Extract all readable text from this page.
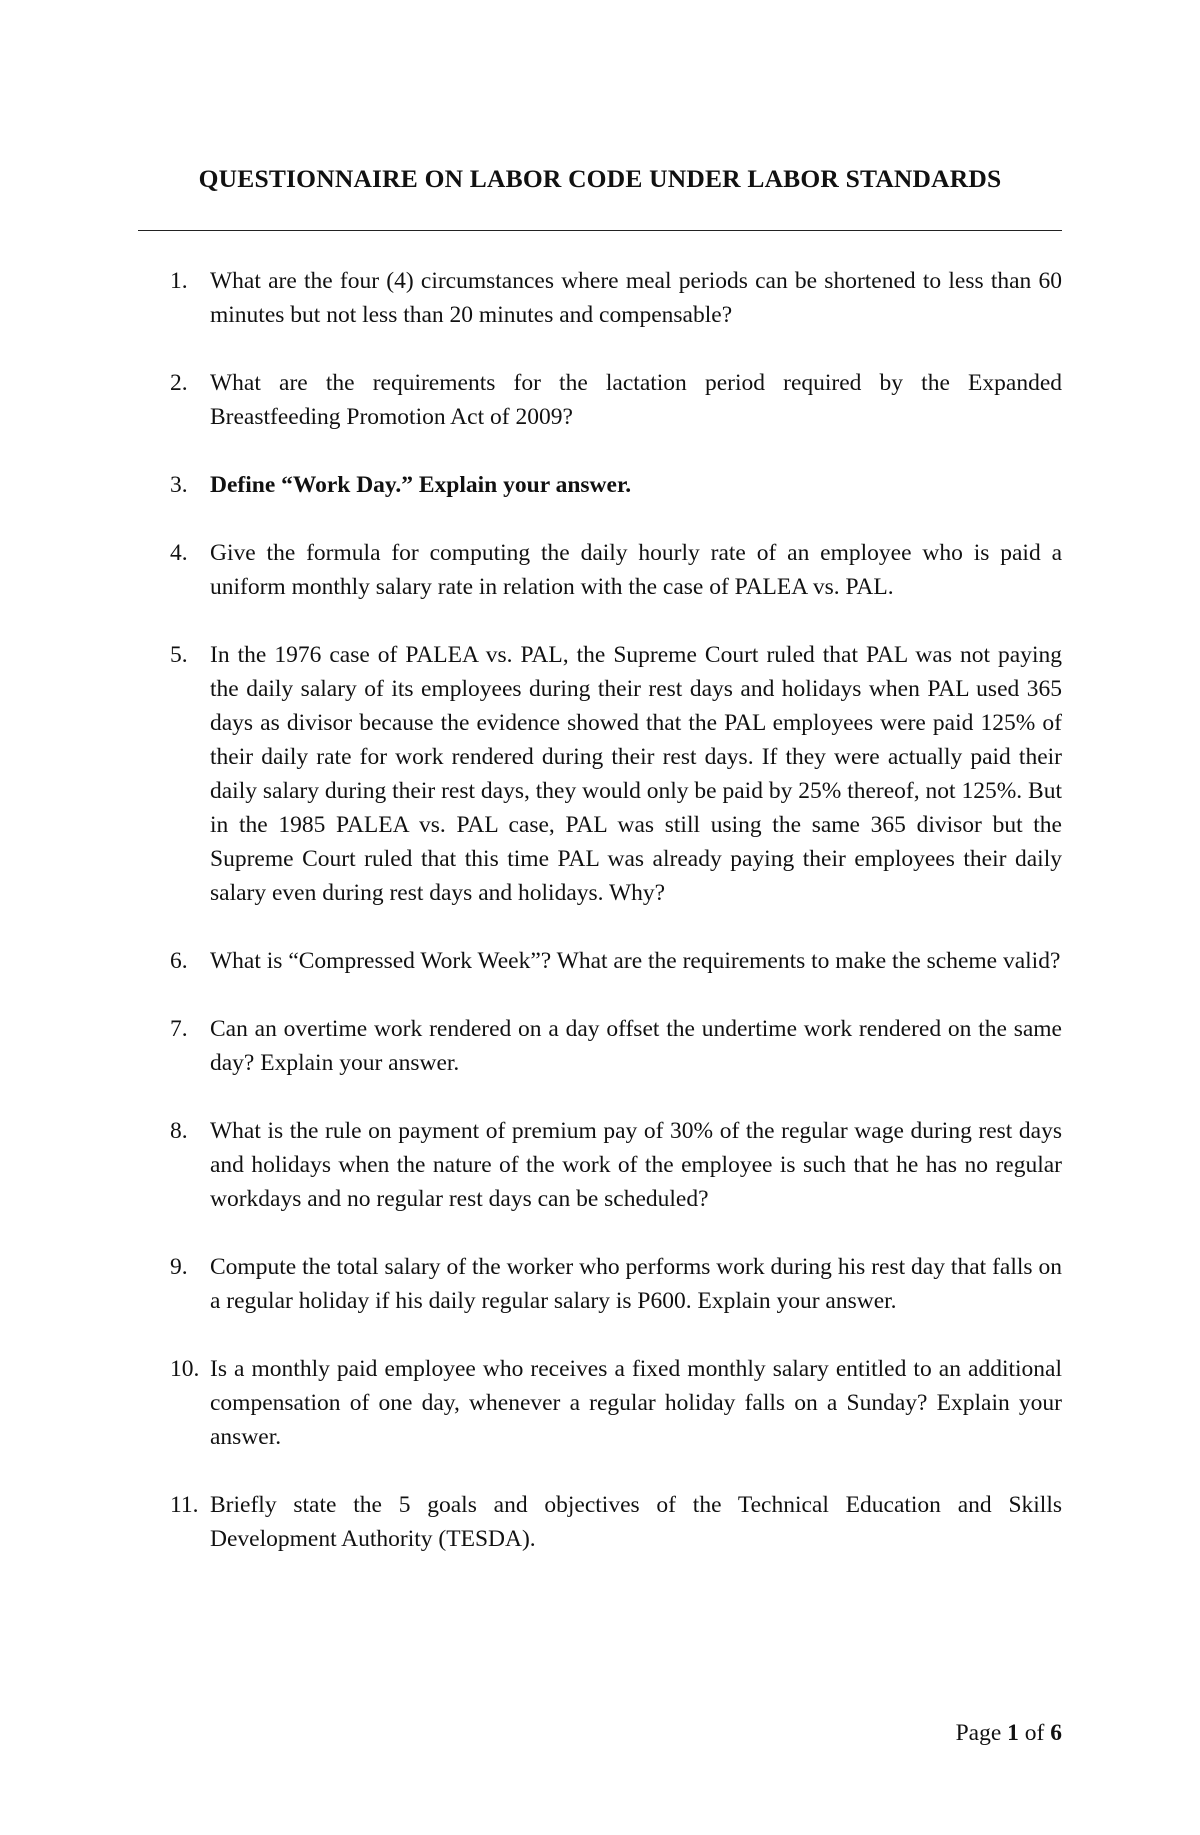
QUESTIONNAIRE ON LABOR CODE UNDER LABOR STANDARDS
1. What are the four (4) circumstances where meal periods can be shortened to less than 60 minutes but not less than 20 minutes and compensable?
2. What are the requirements for the lactation period required by the Expanded Breastfeeding Promotion Act of 2009?
3. Define “Work Day.” Explain your answer.
4. Give the formula for computing the daily hourly rate of an employee who is paid a uniform monthly salary rate in relation with the case of PALEA vs. PAL.
5. In the 1976 case of PALEA vs. PAL, the Supreme Court ruled that PAL was not paying the daily salary of its employees during their rest days and holidays when PAL used 365 days as divisor because the evidence showed that the PAL employees were paid 125% of their daily rate for work rendered during their rest days. If they were actually paid their daily salary during their rest days, they would only be paid by 25% thereof, not 125%. But in the 1985 PALEA vs. PAL case, PAL was still using the same 365 divisor but the Supreme Court ruled that this time PAL was already paying their employees their daily salary even during rest days and holidays. Why?
6. What is “Compressed Work Week”? What are the requirements to make the scheme valid?
7. Can an overtime work rendered on a day offset the undertime work rendered on the same day? Explain your answer.
8. What is the rule on payment of premium pay of 30% of the regular wage during rest days and holidays when the nature of the work of the employee is such that he has no regular workdays and no regular rest days can be scheduled?
9. Compute the total salary of the worker who performs work during his rest day that falls on a regular holiday if his daily regular salary is P600. Explain your answer.
10. Is a monthly paid employee who receives a fixed monthly salary entitled to an additional compensation of one day, whenever a regular holiday falls on a Sunday? Explain your answer.
11. Briefly state the 5 goals and objectives of the Technical Education and Skills Development Authority (TESDA).
Page 1 of 6
